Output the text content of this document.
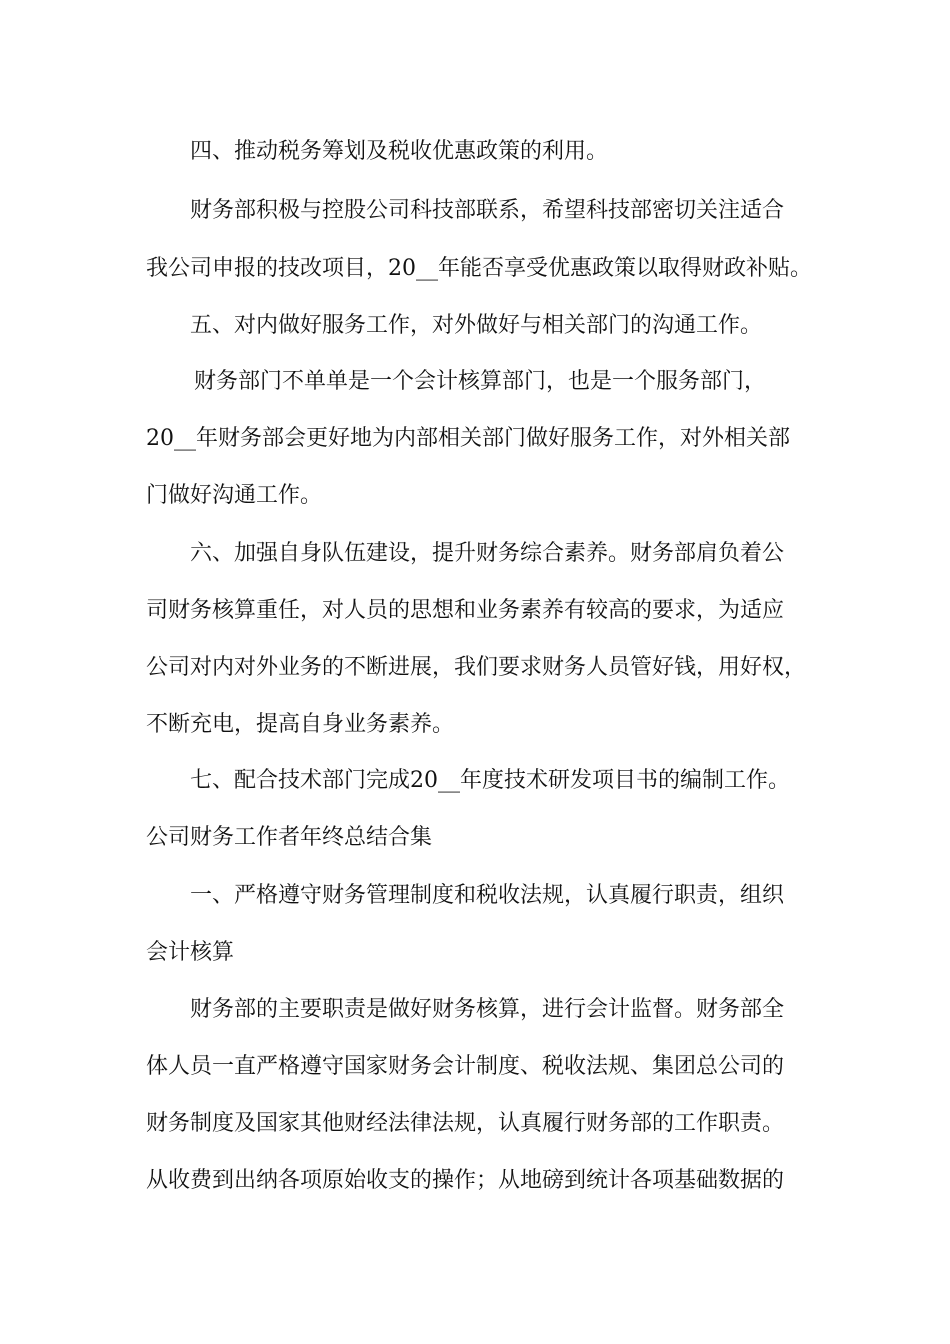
四、推动税务筹划及税收优惠政策的利用。
财务部积极与控股公司科技部联系，希望科技部密切关注适合
我公司申报的技改项目，20__年能否享受优惠政策以取得财政补贴。
五、对内做好服务工作，对外做好与相关部门的沟通工作。
财务部门不单单是一个会计核算部门，也是一个服务部门，
20__年财务部会更好地为内部相关部门做好服务工作，对外相关部
门做好沟通工作。
六、加强自身队伍建设，提升财务综合素养。财务部肩负着公
司财务核算重任，对人员的思想和业务素养有较高的要求，为适应
公司对内对外业务的不断进展，我们要求财务人员管好钱，用好权，
不断充电，提高自身业务素养。
七、配合技术部门完成20__年度技术研发项目书的编制工作。
公司财务工作者年终总结合集
一、严格遵守财务管理制度和税收法规，认真履行职责，组织
会计核算
财务部的主要职责是做好财务核算，进行会计监督。财务部全
体人员一直严格遵守国家财务会计制度、税收法规、集团总公司的
财务制度及国家其他财经法律法规，认真履行财务部的工作职责。
从收费到出纳各项原始收支的操作；从地磅到统计各项基础数据的
